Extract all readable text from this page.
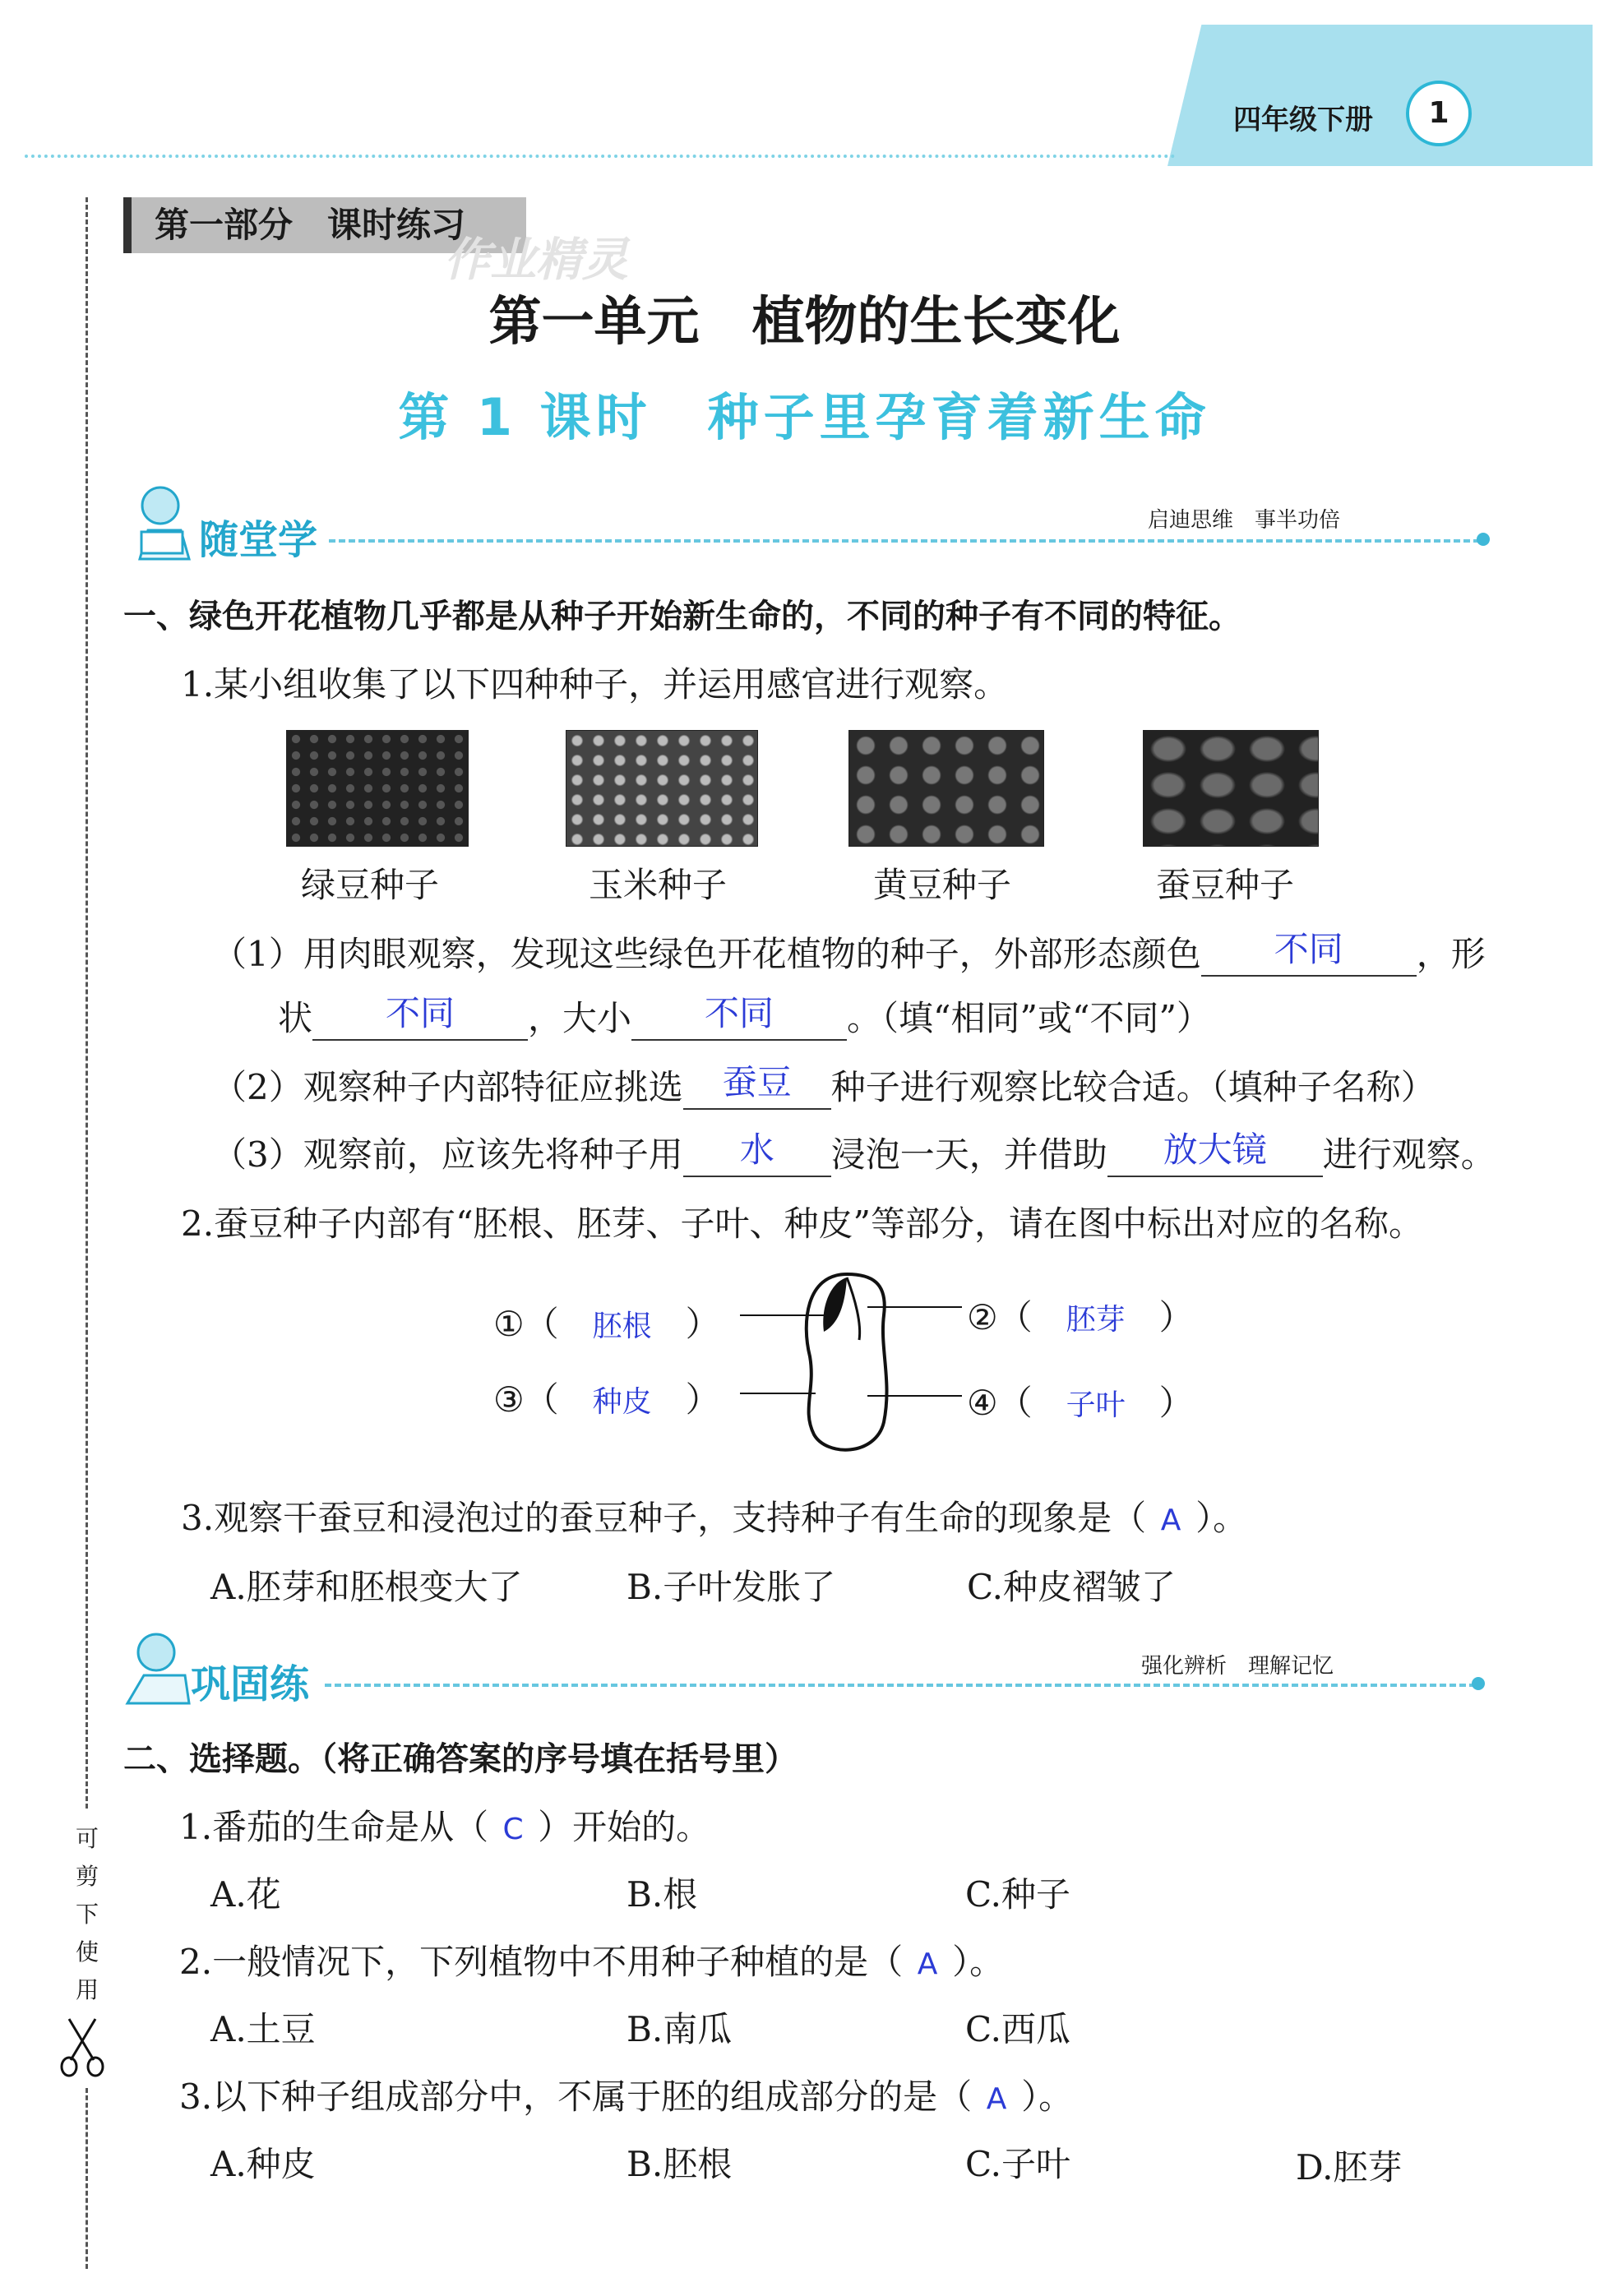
四年级下册	1
第一部分　课时练习
作业精灵
第一单元　植物的生长变化
第 1 课时　种子里孕育着新生命
随堂学	启迪思维　事半功倍
一、绿色开花植物几乎都是从种子开始新生命的，不同的种子有不同的特征。
1.某小组收集了以下四种种子，并运用感官进行观察。
绿豆种子	玉米种子	黄豆种子	蚕豆种子
（1）用肉眼观察，发现这些绿色开花植物的种子，外部形态颜色 不同 ，形
状 不同 ，大小 不同 。（填“相同”或“不同”）
（2）观察种子内部特征应挑选 蚕豆 种子进行观察比较合适。（填种子名称）
（3）观察前，应该先将种子用 水 浸泡一天，并借助 放大镜 进行观察。
2.蚕豆种子内部有“胚根、胚芽、子叶、种皮”等部分，请在图中标出对应的名称。
①（ 胚根 ）	②（ 胚芽 ）
③（ 种皮 ）	④（ 子叶 ）
3.观察干蚕豆和浸泡过的蚕豆种子，支持种子有生命的现象是（ A ）。
A.胚芽和胚根变大了	B.子叶发胀了	C.种皮褶皱了
巩固练	强化辨析　理解记忆
二、选择题。（将正确答案的序号填在括号里）
1.番茄的生命是从（ C ）开始的。
A.花	B.根	C.种子
2.一般情况下，下列植物中不用种子种植的是（ A ）。
A.土豆	B.南瓜	C.西瓜
3.以下种子组成部分中，不属于胚的组成部分的是（ A ）。
A.种皮	B.胚根	C.子叶	D.胚芽
可
剪
下
使
用
